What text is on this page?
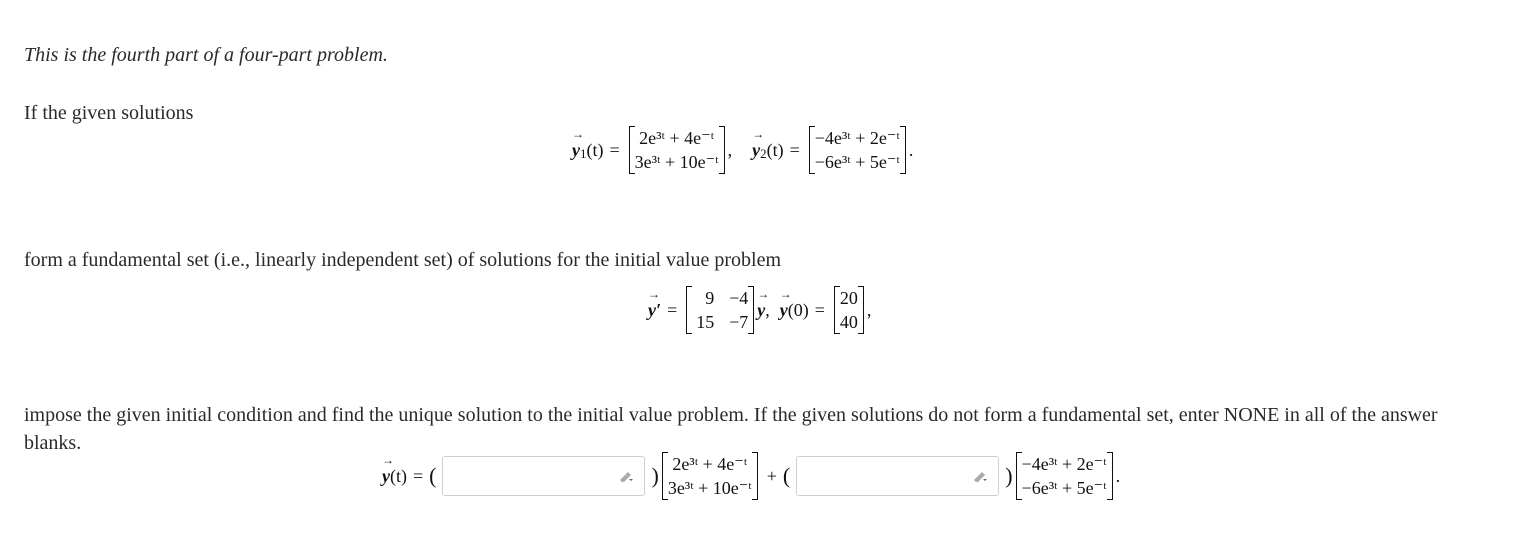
This is the fourth part of a four-part problem.

If the given solutions

→ y 1 (t) =
2e³ᵗ + 4e⁻ᵗ
3e³ᵗ + 10e⁻ᵗ
, → y 2 (t) =
−4e³ᵗ + 2e⁻ᵗ
−6e³ᵗ + 5e⁻ᵗ
.

form a fundamental set (i.e., linearly independent set) of solutions for the initial value problem

→ y′ =
9 −4
15 −7
→ y , → y (0) =
20
40
,

impose the given initial condition and find the unique solution to the initial value problem. If the given solutions do not form a fundamental set, enter NONE in all of the answer blanks.

→ y (t) = (	) 2e³ᵗ + 4e⁻ᵗ
3e³ᵗ + 10e⁻ᵗ
+ (	) −4e³ᵗ + 2e⁻ᵗ
−6e³ᵗ + 5e⁻ᵗ
.
